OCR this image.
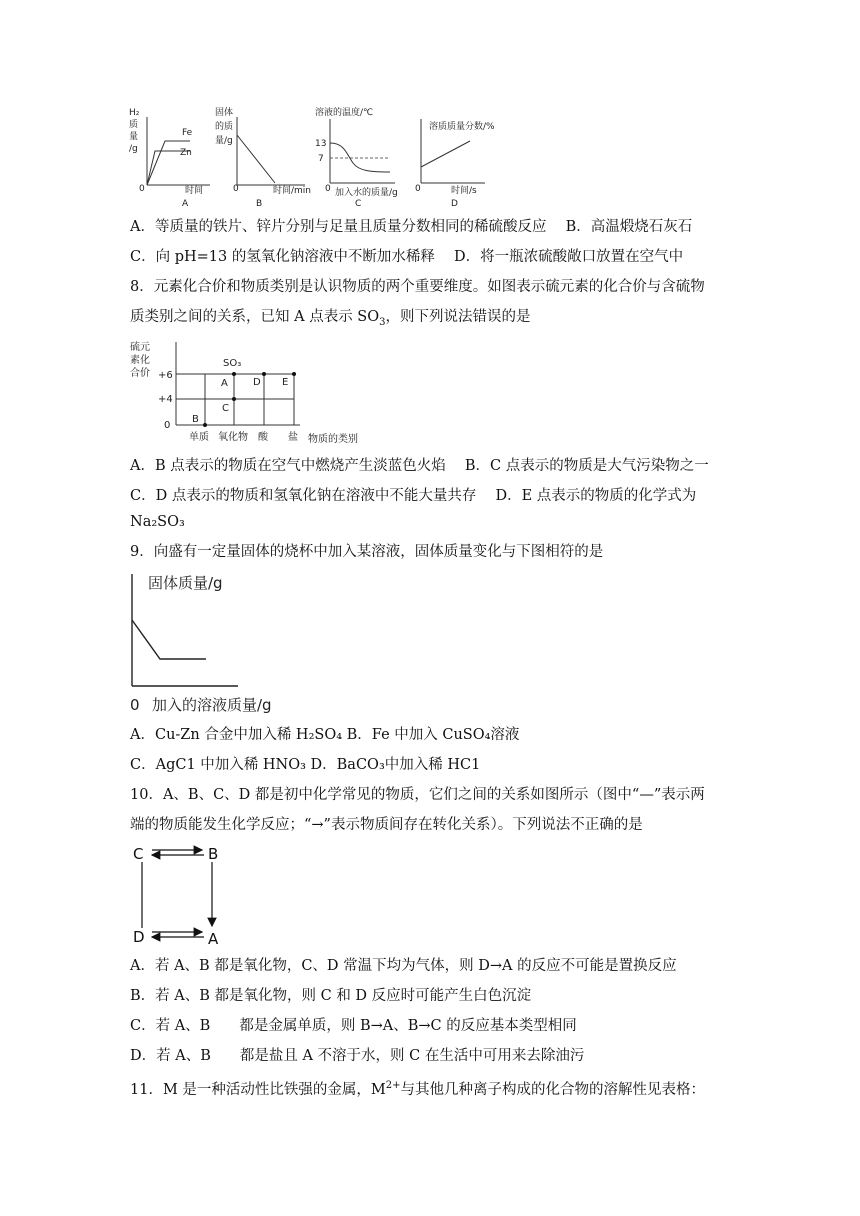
H₂
质
量
/g
Fe
Zn
0	时间
A
固体
的质
量/g
0	时间/min
B
溶液的温度/℃
13
7
0 加入水的质量/g
C
溶质质量分数/%
0	时间/s
D
A．等质量的铁片、锌片分别与足量且质量分数相同的稀硫酸反应　 B．高温煅烧石灰石
C．向 pH=13 的氢氧化钠溶液中不断加水稀释　 D．将一瓶浓硫酸敞口放置在空气中
8．元素化合价和物质类别是认识物质的两个重要维度。如图表示硫元素的化合价与含硫物
质类别之间的关系，已知 A 点表示 $SO_3$，则下列说法错误的是
硫元
素化
合价 +6
+4
0
SO₃
A
B
C
D E
单质 氧化物 酸 盐 物质的类别
A．B 点表示的物质在空气中燃烧产生淡蓝色火焰　 B．C 点表示的物质是大气污染物之一
C．D 点表示的物质和氢氧化钠在溶液中不能大量共存　 D．E 点表示的物质的化学式为
Na₂SO₃
9．向盛有一定量固体的烧杯中加入某溶液，固体质量变化与下图相符的是
固体质量/g
0 加入的溶液质量/g
A．Cu-Zn 合金中加入稀 H₂SO₄ B．Fe 中加入 CuSO₄溶液
C．AgC1 中加入稀 HNO₃ D．BaCO₃中加入稀 HC1
10．A、B、C、D 都是初中化学常见的物质，它们之间的关系如图所示（图中“—”表示两
端的物质能发生化学反应；“→”表示物质间存在转化关系）。下列说法不正确的是
C	B
D	A
A．若 A、B 都是氧化物，C、D 常温下均为气体，则 D→A 的反应不可能是置换反应
B．若 A、B 都是氧化物，则 C 和 D 反应时可能产生白色沉淀
C．若 A、B　　都是金属单质，则 B→A、B→C 的反应基本类型相同
D．若 A、B　　都是盐且 A 不溶于水，则 C 在生活中可用来去除油污
11．M 是一种活动性比铁强的金属，$M^{2+}$与其他几种离子构成的化合物的溶解性见表格：
